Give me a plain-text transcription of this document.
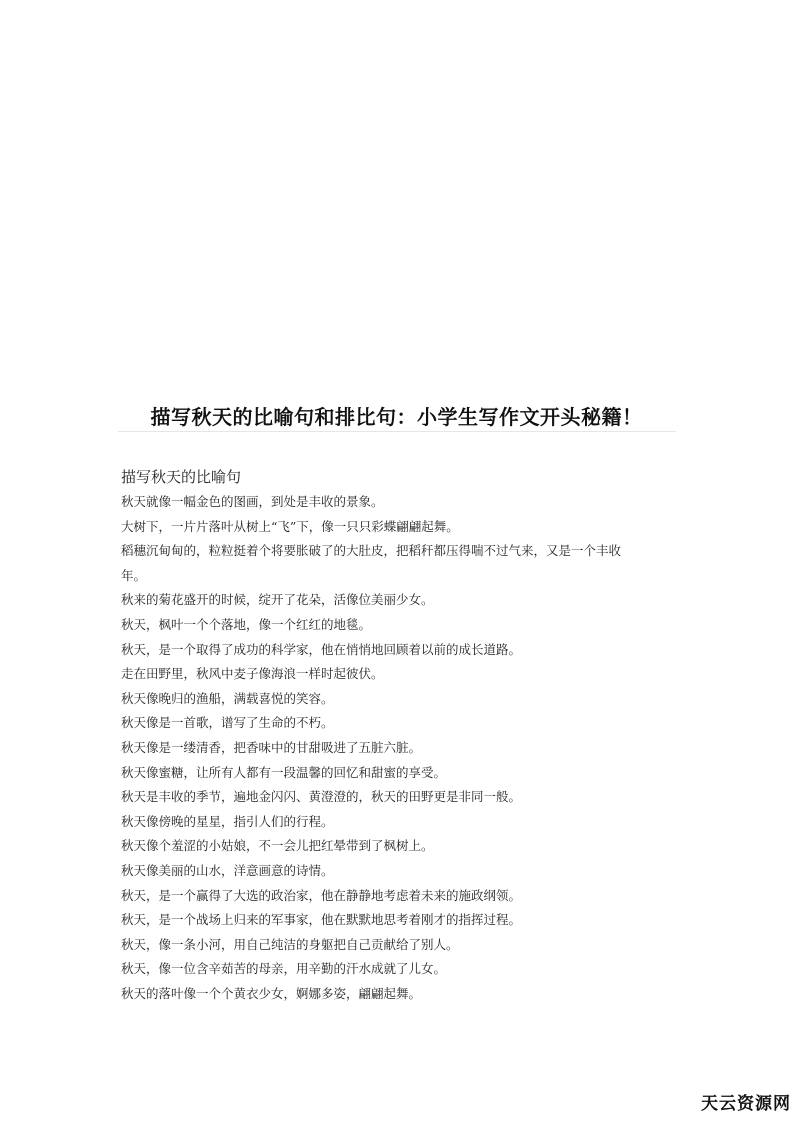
描写秋天的比喻句和排比句：小学生写作文开头秘籍！
描写秋天的比喻句
秋天就像一幅金色的图画，到处是丰收的景象。
大树下，一片片落叶从树上“飞”下，像一只只彩蝶翩翩起舞。
稻穗沉甸甸的，粒粒挺着个将要胀破了的大肚皮，把稻秆都压得喘不过气来，又是一个丰收
年。
秋来的菊花盛开的时候，绽开了花朵，活像位美丽少女。
秋天，枫叶一个个落地，像一个红红的地毯。
秋天，是一个取得了成功的科学家，他在悄悄地回顾着以前的成长道路。
走在田野里，秋风中麦子像海浪一样时起彼伏。
秋天像晚归的渔船，满载喜悦的笑容。
秋天像是一首歌，谱写了生命的不朽。
秋天像是一缕清香，把香味中的甘甜吸进了五脏六脏。
秋天像蜜糖，让所有人都有一段温馨的回忆和甜蜜的享受。
秋天是丰收的季节，遍地金闪闪、黄澄澄的，秋天的田野更是非同一般。
秋天像傍晚的星星，指引人们的行程。
秋天像个羞涩的小姑娘，不一会儿把红晕带到了枫树上。
秋天像美丽的山水，洋意画意的诗情。
秋天，是一个赢得了大选的政治家，他在静静地考虑着未来的施政纲领。
秋天，是一个战场上归来的军事家，他在默默地思考着刚才的指挥过程。
秋天，像一条小河，用自己纯洁的身躯把自己贡献给了别人。
秋天，像一位含辛茹苦的母亲，用辛勤的汗水成就了儿女。
秋天的落叶像一个个黄衣少女，婀娜多姿，翩翩起舞。
天云资源网
